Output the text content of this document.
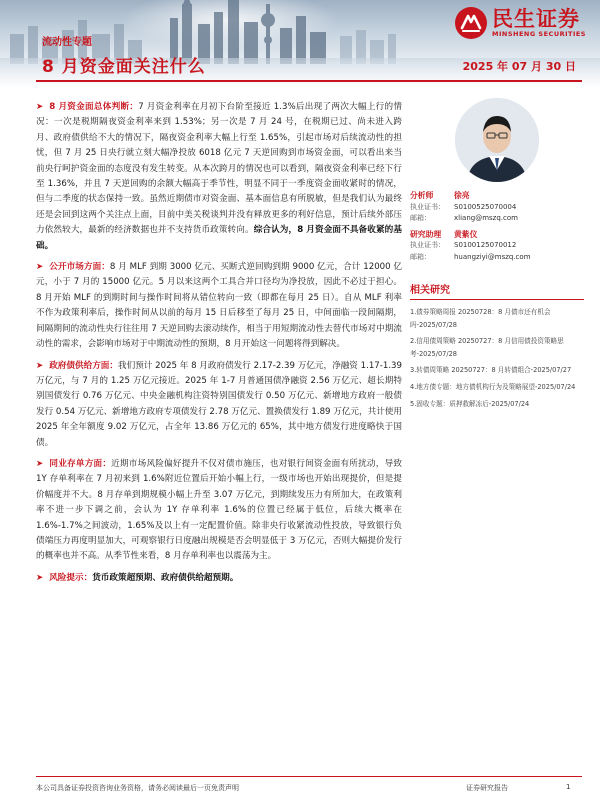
民生证券
MINSHENG SECURITIES
流动性专题
8 月资金面关注什么	2025 年 07 月 30 日

➤ 8 月资金面总体判断：7 月资金利率在月初下台阶至接近 1.3%后出现了两次大幅上行的情况：一次是税期隔夜资金利率来到 1.53%；另一次是 7 月 24 号，在税期已过、尚未进入跨月、政府债供给不大的情况下，隔夜资金利率大幅上行至 1.65%，引起市场对后续流动性的担忧，但 7 月 25 日央行就立刻大幅净投放 6018 亿元 7 天逆回购到市场资金面，可以看出来当前央行呵护资金面的态度没有发生转变。从本次跨月的情况也可以看到，隔夜资金利率已经下行至 1.36%，并且 7 天逆回购的余额大幅高于季节性，明显不同于一季度资金面收紧时的情况，但与二季度的状态保持一致。虽然近期债市对资金面、基本面信息有所脱敏，但是我们认为最终还是会回到这两个关注点上面，目前中美关税谈判并没有释放更多的利好信息，预计后续外部压力依然较大，最新的经济数据也并不支持货币政策转向。综合认为，8 月资金面不具备收紧的基础。

➤ 公开市场方面：8 月 MLF 到期 3000 亿元、买断式逆回购到期 9000 亿元，合计 12000 亿元，小于 7 月的 15000 亿元。5 月以来这两个工具合并口径均为净投放，因此不必过于担心。8 月开始 MLF 的到期时间与操作时间将从错位转向一致（即都在每月 25 日）。自从 MLF 利率不作为政策利率后，操作时间从以前的每月 15 日后移至了每月 25 日，中间面临一段间隔期，间隔期间的流动性央行往往用 7 天逆回购去滚动续作，相当于用短期流动性去替代市场对中期流动性的需求，会影响市场对于中期流动性的预期，8 月开始这一问题将得到解决。

➤ 政府债供给方面：我们预计 2025 年 8 月政府债发行 2.17-2.39 万亿元，净融资 1.17-1.39 万亿元，与 7 月的 1.25 万亿元接近。2025 年 1-7 月普通国债净融资 2.56 万亿元、超长期特别国债发行 0.76 万亿元、中央金融机构注资特别国债发行 0.50 万亿元、新增地方政府一般债发行 0.54 万亿元、新增地方政府专项债发行 2.78 万亿元、置换债发行 1.89 万亿元，共计使用 2025 年全年额度 9.02 万亿元，占全年 13.86 万亿元的 65%，其中地方债发行进度略快于国债。

➤ 同业存单方面：近期市场风险偏好提升不仅对债市施压，也对银行间资金面有所扰动，导致 1Y 存单利率在 7 月初来到 1.6%附近位置后开始小幅上行，一级市场也开始出现提价，但是提价幅度并不大。8 月存单到期规模小幅上升至 3.07 万亿元，到期续发压力有所加大，在政策利率不进一步下调之前，会认为 1Y 存单利率 1.6%的位置已经属于低位，后续大概率在 1.6%-1.7%之间波动，1.65%及以上有一定配置价值。除非央行收紧流动性投放，导致银行负债端压力再度明显加大，可观察银行日度融出规模是否会明显低于 3 万亿元，否则大幅提价发行的概率也并不高。从季节性来看，8 月存单利率也以震荡为主。

➤ 风险提示：货币政策超预期、政府债供给超预期。

分析师	徐亮
执业证书：	S0100525070004
邮箱：	xliang@mszq.com
研究助理	黄紫仪
执业证书：	S0100125070012
邮箱：	huangziyi@mszq.com
相关研究
1.债券策略周报 20250728：8 月债市还有机会吗-2025/07/28
2.信用债周策略 20250727：8 月信用债投资策略思考-2025/07/28
3.转债周策略 20250727：8 月转债组合-2025/07/27
4.地方债专题：地方债机构行为及策略展望-2025/07/24
5.固收专题：质押救解冻后-2025/07/24
本公司具备证券投资咨询业务资格，请务必阅读最后一页免责声明	证券研究报告	1
